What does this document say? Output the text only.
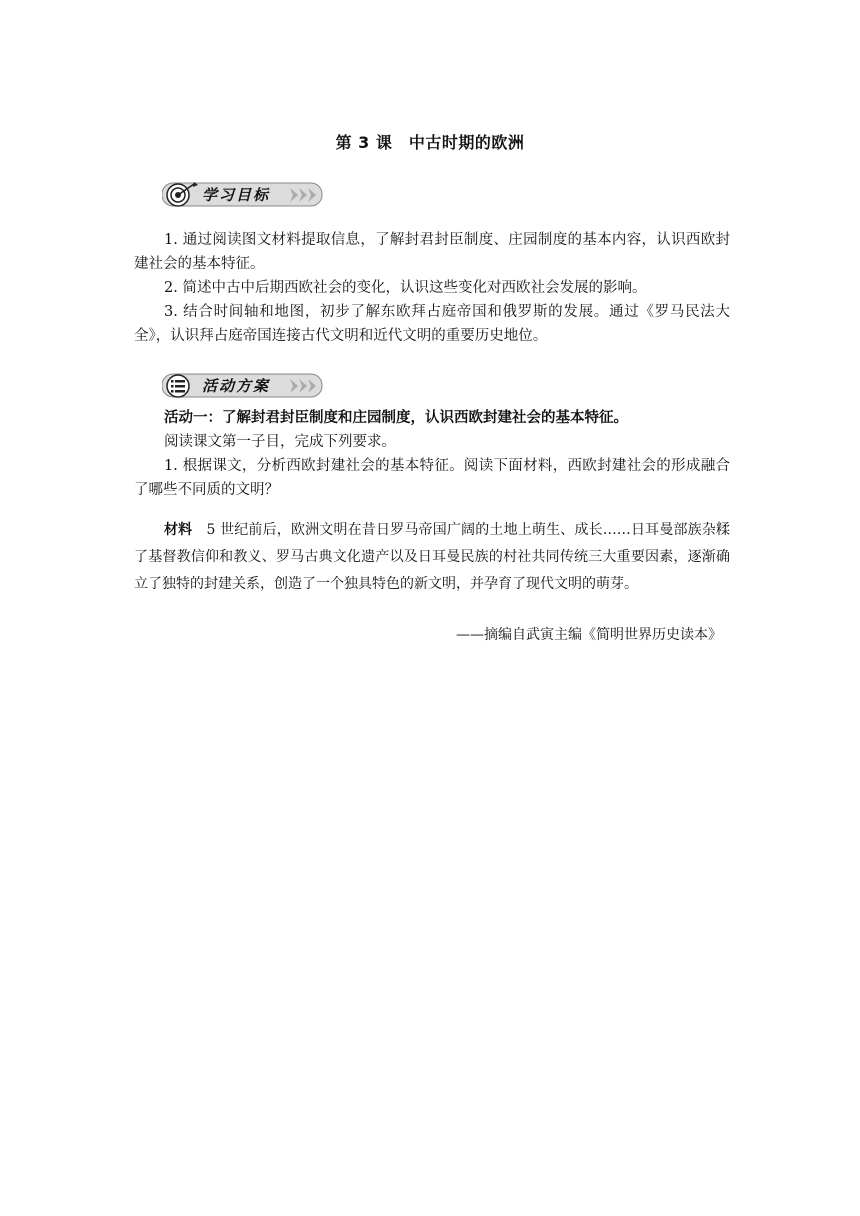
第 3 课　中古时期的欧洲
学习目标

1. 通过阅读图文材料提取信息，了解封君封臣制度、庄园制度的基本内容，认识西欧封建社会的基本特征。

2. 简述中古中后期西欧社会的变化，认识这些变化对西欧社会发展的影响。

3. 结合时间轴和地图，初步了解东欧拜占庭帝国和俄罗斯的发展。通过《罗马民法大全》，认识拜占庭帝国连接古代文明和近代文明的重要历史地位。

活动方案

活动一：了解封君封臣制度和庄园制度，认识西欧封建社会的基本特征。

阅读课文第一子目，完成下列要求。

1. 根据课文，分析西欧封建社会的基本特征。阅读下面材料，西欧封建社会的形成融合了哪些不同质的文明？

材料　 5 世纪前后，欧洲文明在昔日罗马帝国广阔的土地上萌生、成长……日耳曼部族杂糅了基督教信仰和教义、罗马古典文化遗产以及日耳曼民族的村社共同传统三大重要因素，逐渐确立了独特的封建关系，创造了一个独具特色的新文明，并孕育了现代文明的萌芽。

——摘编自武寅主编《简明世界历史读本》
